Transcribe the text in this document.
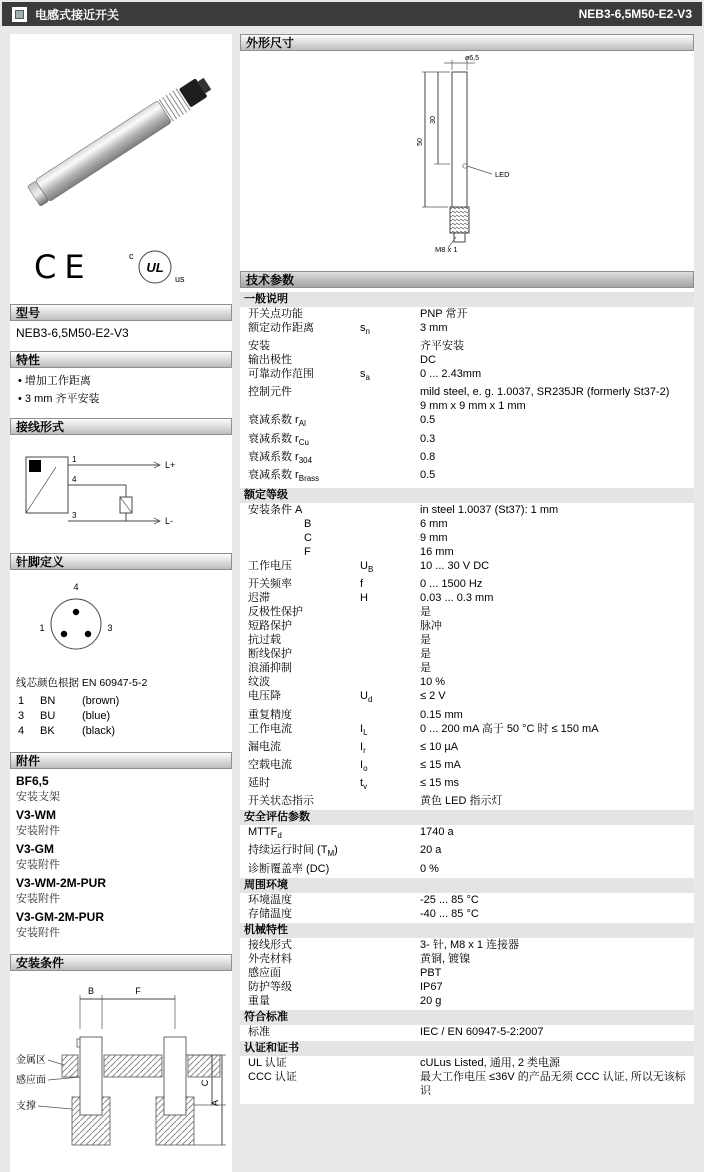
电感式接近开关	NEB3-6,5M50-E2-V3
CE	c
UL
us
型号
NEB3-6,5M50-E2-V3
特性
• 增加工作距离
• 3 mm 齐平安装
接线形式
1
L+
4
3
L-
针脚定义
4
1	3
线芯颜色根据 EN 60947-5-2
1	BN	(brown)
3	BU	(blue)
4	BK	(black)
附件
BF6,5
安装支架
V3-WM
安装附件
V3-GM
安装附件
V3-WM-2M-PUR
安装附件
V3-GM-2M-PUR
安装附件
安装条件
B	F
C
A
金属区
感应面
支撑
外形尺寸
ø6,5
LED
M8 x 1
30
50
技术参数
一般说明
开关点功能	PNP 常开
额定动作距离	$s_n$	3 mm
安装	齐平安装
输出极性	DC
可靠动作范围	$s_a$	0 ... 2.43mm
控制元件	mild steel, e. g. 1.0037, SR235JR (formerly St37-2)
9 mm x 9 mm x 1 mm
衰减系数 $r_{Al}$	0.5
衰减系数 $r_{Cu}$	0.3
衰减系数 $r_{304}$	0.8
衰减系数 $r_{Brass}$	0.5
额定等级
安装条件 A	in steel 1.0037 (St37): 1 mm
B	6 mm
C	9 mm
F	16 mm
工作电压	$U_B$	10 ... 30 V DC
开关频率	f	0 ... 1500 Hz
迟滞	H	0.03 ... 0.3 mm
反极性保护	是
短路保护	脉冲
抗过载	是
断线保护	是
浪涌抑制	是
纹波	10 %
电压降	$U_d$	≤ 2 V
重复精度	0.15 mm
工作电流	$I_L$	0 ... 200 mA 高于 50 °C 时 ≤ 150 mA
漏电流	$I_r$	≤ 10 µA
空载电流	$I_o$	≤ 15 mA
延时	$t_v$	≤ 15 ms
开关状态指示	黄色 LED 指示灯
安全评估参数
$MTTF_d$	1740 a
持续运行时间 $(T_M)$	20 a
诊断覆盖率 (DC)	0 %
周围环境
环境温度	-25 ... 85 °C
存储温度	-40 ... 85 °C
机械特性
接线形式	3- 针, M8 x 1 连接器
外壳材料	黄铜, 镀镍
感应面	PBT
防护等级	IP67
重量	20 g
符合标准
标准	IEC / EN 60947-5-2:2007
认证和证书
UL 认证	cULus Listed, 通用, 2 类电源
CCC 认证	最大工作电压 ≤36V 的产品无须 CCC 认证, 所以无该标识
